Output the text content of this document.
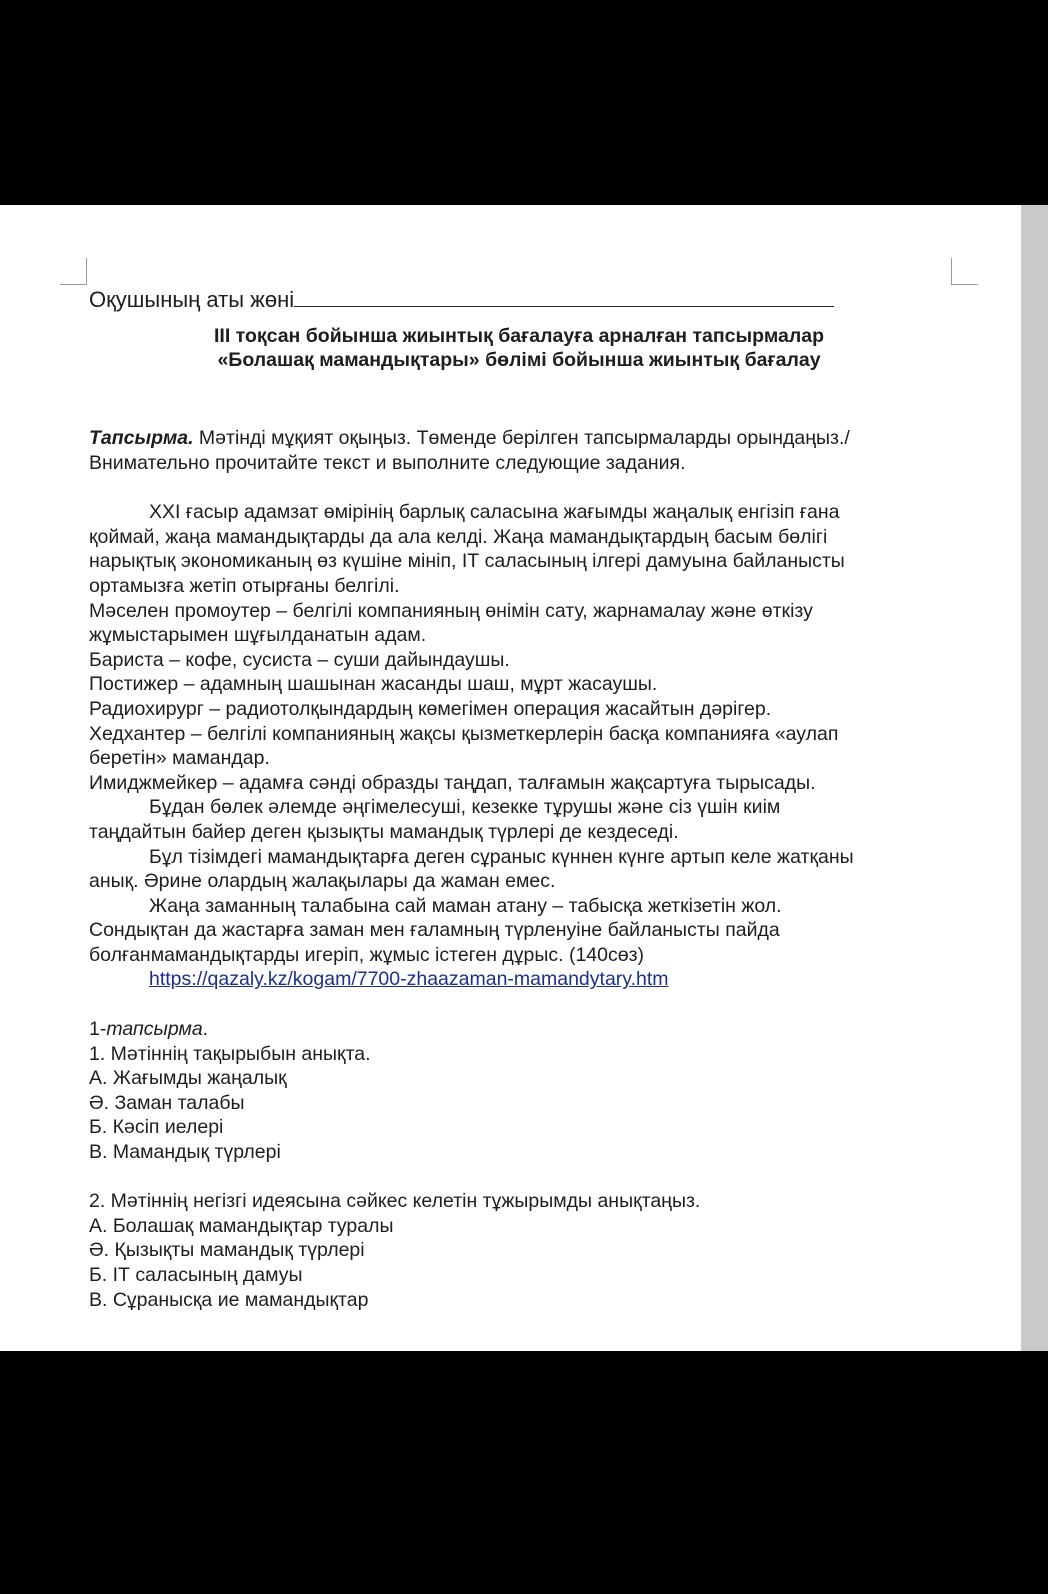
Оқушының аты жөні

ІІІ тоқсан бойынша жиынтық бағалауға арналған тапсырмалар

«Болашақ мамандықтары» бөлімі бойынша жиынтық бағалау

Тапсырма. Мәтінді мұқият оқыңыз. Төменде берілген тапсырмаларды орындаңыз./

Внимательно прочитайте текст и выполните следующие задания.

ХХІ ғасыр адамзат өмірінің барлық саласына жағымды жаңалық енгізіп ғана

қоймай, жаңа мамандықтарды да ала келді. Жаңа мамандықтардың басым бөлігі

нарықтық экономиканың өз күшіне мініп, ІТ саласының ілгері дамуына байланысты

ортамызға жетіп отырғаны белгілі.

Мәселен промоутер – белгілі компанияның өнімін сату, жарнамалау және өткізу

жұмыстарымен шұғылданатын адам.

Бариста – кофе, сусиста – суши дайындаушы.

Постижер – адамның шашынан жасанды шаш, мұрт жасаушы.

Радиохирург – радиотолқындардың көмегімен операция жасайтын дәрігер.

Хедхантер – белгілі компанияның жақсы қызметкерлерін басқа компанияға «аулап

беретін» мамандар.

Имиджмейкер – адамға сәнді образды таңдап, талғамын жақсартуға тырысады.

Бұдан бөлек әлемде әңгімелесуші, кезекке тұрушы және сіз үшін киім

таңдайтын байер деген қызықты мамандық түрлері де кездеседі.

Бұл тізімдегі мамандықтарға деген сұраныс күннен күнге артып келе жатқаны

анық. Әрине олардың жалақылары да жаман емес.

Жаңа заманның талабына сай маман атану – табысқа жеткізетін жол.

Сондықтан да жастарға заман мен ғаламның түрленуіне байланысты пайда

болғанмамандықтарды игеріп, жұмыс істеген дұрыс. (140сөз)

https://qazaly.kz/kogam/7700-zhaazaman-mamandytary.htm

1-тапсырма.

1. Мәтіннің тақырыбын анықта.

А. Жағымды жаңалық

Ә. Заман талабы

Б. Кәсіп иелері

В. Мамандық түрлері

2. Мәтіннің негізгі идеясына сәйкес келетін тұжырымды анықтаңыз.

А. Болашақ мамандықтар туралы

Ә. Қызықты мамандық түрлері

Б. ІТ саласының дамуы

В. Сұранысқа ие мамандықтар
